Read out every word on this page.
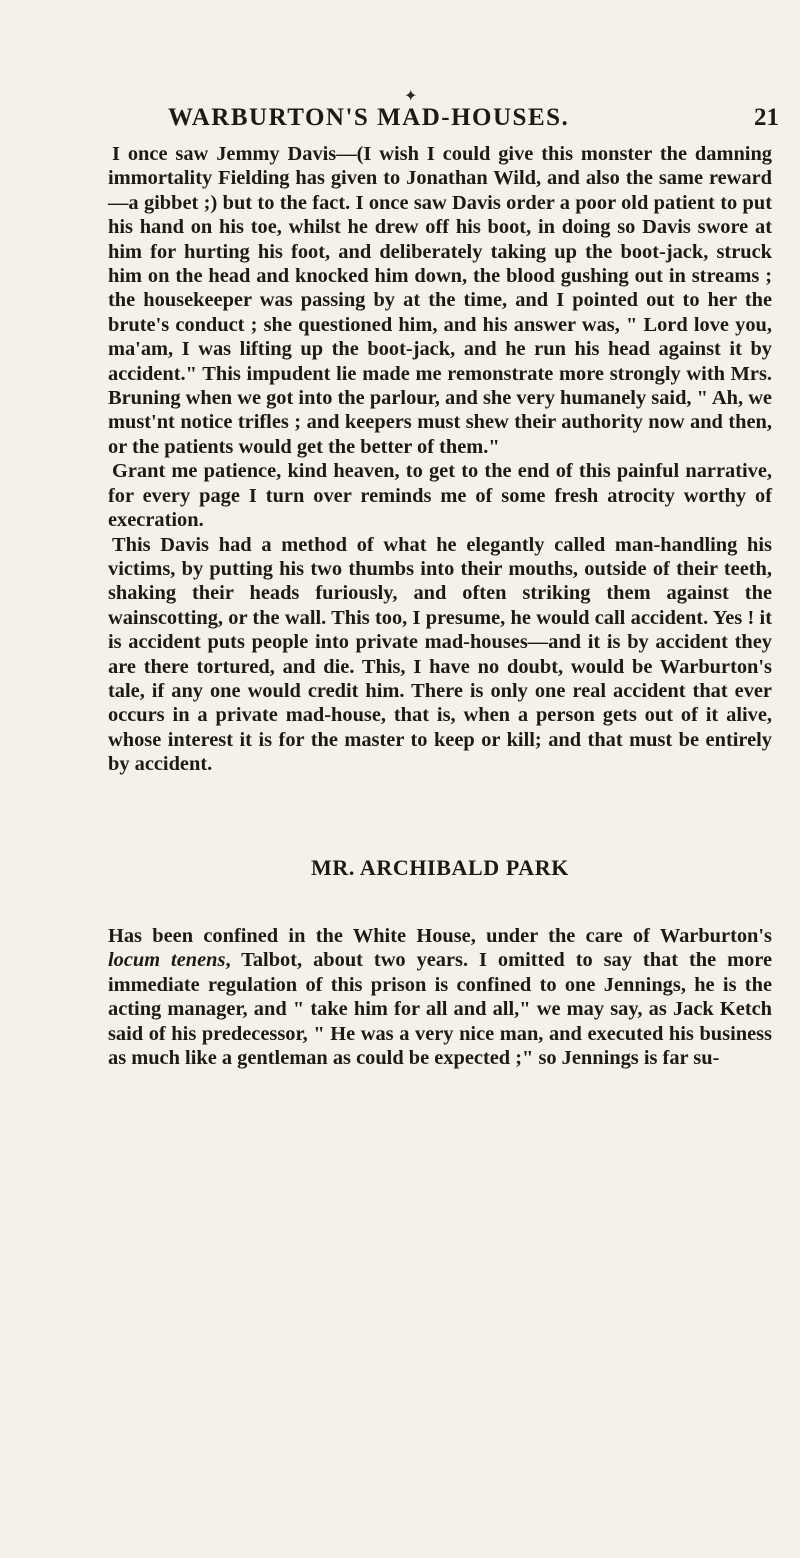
✦
WARBURTON'S MAD-HOUSES.	21

I once saw Jemmy Davis—(I wish I could give this monster the damning immortality Fielding has given to Jonathan Wild, and also the same reward—a gibbet ;) but to the fact. I once saw Davis order a poor old patient to put his hand on his toe, whilst he drew off his boot, in doing so Davis swore at him for hurting his foot, and deliberately taking up the boot-jack, struck him on the head and knocked him down, the blood gushing out in streams ; the housekeeper was passing by at the time, and I pointed out to her the brute's conduct ; she questioned him, and his answer was, " Lord love you, ma'am, I was lifting up the boot-jack, and he run his head against it by accident." This impudent lie made me remonstrate more strongly with Mrs. Bruning when we got into the parlour, and she very humanely said, " Ah, we must'nt notice trifles ; and keepers must shew their authority now and then, or the patients would get the better of them."

Grant me patience, kind heaven, to get to the end of this painful narrative, for every page I turn over reminds me of some fresh atrocity worthy of execration.

This Davis had a method of what he elegantly called man-handling his victims, by putting his two thumbs into their mouths, outside of their teeth, shaking their heads furiously, and often striking them against the wainscotting, or the wall. This too, I presume, he would call accident. Yes ! it is accident puts people into private mad-houses—and it is by accident they are there tortured, and die. This, I have no doubt, would be Warburton's tale, if any one would credit him. There is only one real accident that ever occurs in a private mad-house, that is, when a person gets out of it alive, whose interest it is for the master to keep or kill; and that must be entirely by accident.

MR. ARCHIBALD PARK

Has been confined in the White House, under the care of Warburton's locum tenens, Talbot, about two years. I omitted to say that the more immediate regulation of this prison is confined to one Jennings, he is the acting manager, and " take him for all and all," we may say, as Jack Ketch said of his predecessor, " He was a very nice man, and executed his business as much like a gentleman as could be expected ;" so Jennings is far su-
